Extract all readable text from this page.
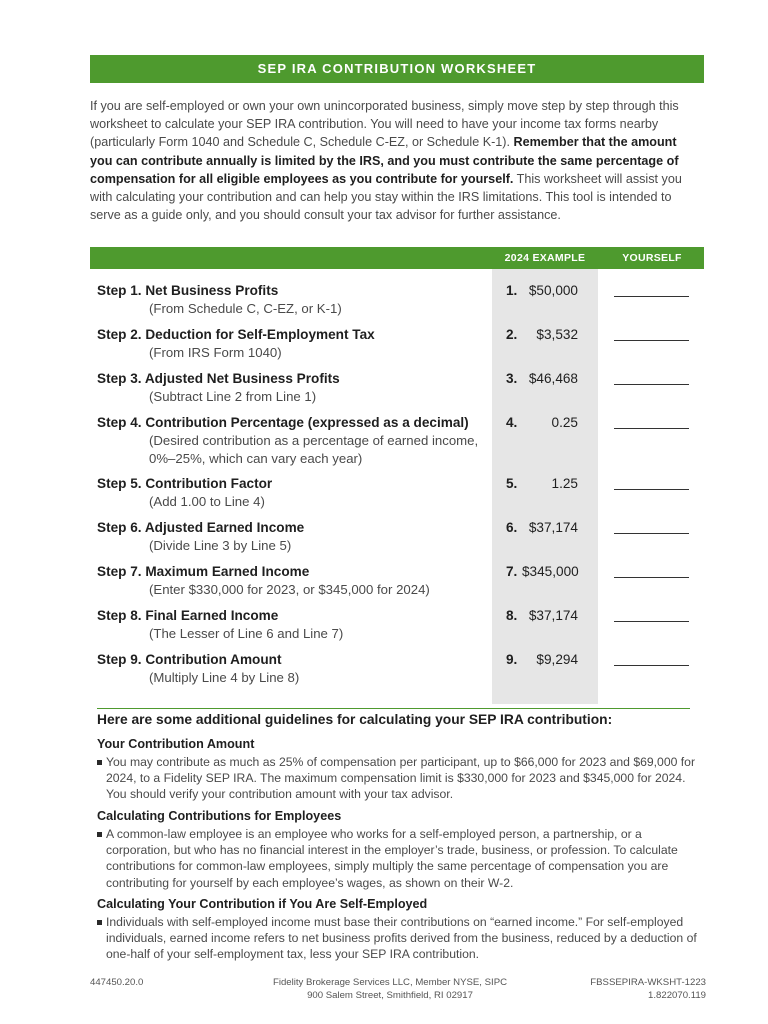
SEP IRA CONTRIBUTION WORKSHEET

If you are self-employed or own your own unincorporated business, simply move step by step through this worksheet to calculate your SEP IRA contribution. You will need to have your income tax forms nearby (particularly Form 1040 and Schedule C, Schedule C-EZ, or Schedule K-1). Remember that the amount you can contribute annually is limited by the IRS, and you must contribute the same percentage of compensation for all eligible employees as you contribute for yourself. This worksheet will assist you with calculating your contribution and can help you stay within the IRS limitations. This tool is intended to serve as a guide only, and you should consult your tax advisor for further assistance.

2024 EXAMPLE	YOURSELF
Step 1. Net Business Profits
(From Schedule C, C-EZ, or K-1)
1. $50,000
Step 2. Deduction for Self-Employment Tax
(From IRS Form 1040)
2.	$3,532
Step 3. Adjusted Net Business Profits
(Subtract Line 2 from Line 1)
3. $46,468
Step 4. Contribution Percentage (expressed as a decimal)
(Desired contribution as a percentage of earned income, 0%–25%, which can vary each year)
4.	0.25
Step 5. Contribution Factor
(Add 1.00 to Line 4)
5.	1.25
Step 6. Adjusted Earned Income
(Divide Line 3 by Line 5)
6. $37,174
Step 7. Maximum Earned Income
(Enter $330,000 for 2023, or $345,000 for 2024)
7. $345,000
Step 8. Final Earned Income
(The Lesser of Line 6 and Line 7)
8. $37,174
Step 9. Contribution Amount
(Multiply Line 4 by Line 8)
9.	$9,294
Here are some additional guidelines for calculating your SEP IRA contribution:
Your Contribution Amount
You may contribute as much as 25% of compensation per participant, up to $66,000 for 2023 and $69,000 for 2024, to a Fidelity SEP IRA. The maximum compensation limit is $330,000 for 2023 and $345,000 for 2024. You should verify your contribution amount with your tax advisor.
Calculating Contributions for Employees
A common-law employee is an employee who works for a self-employed person, a partnership, or a corporation, but who has no financial interest in the employer’s trade, business, or profession. To calculate contributions for common-law employees, simply multiply the same percentage of compensation you are contributing for yourself by each employee’s wages, as shown on their W-2.
Calculating Your Contribution if You Are Self-Employed
Individuals with self-employed income must base their contributions on “earned income.” For self-employed individuals, earned income refers to net business profits derived from the business, reduced by a deduction of one-half of your self-employment tax, less your SEP IRA contribution.
447450.20.0	Fidelity Brokerage Services LLC, Member NYSE, SIPC
900 Salem Street, Smithfield, RI 02917
FBSSEPIRA-WKSHT-1223
1.822070.119
